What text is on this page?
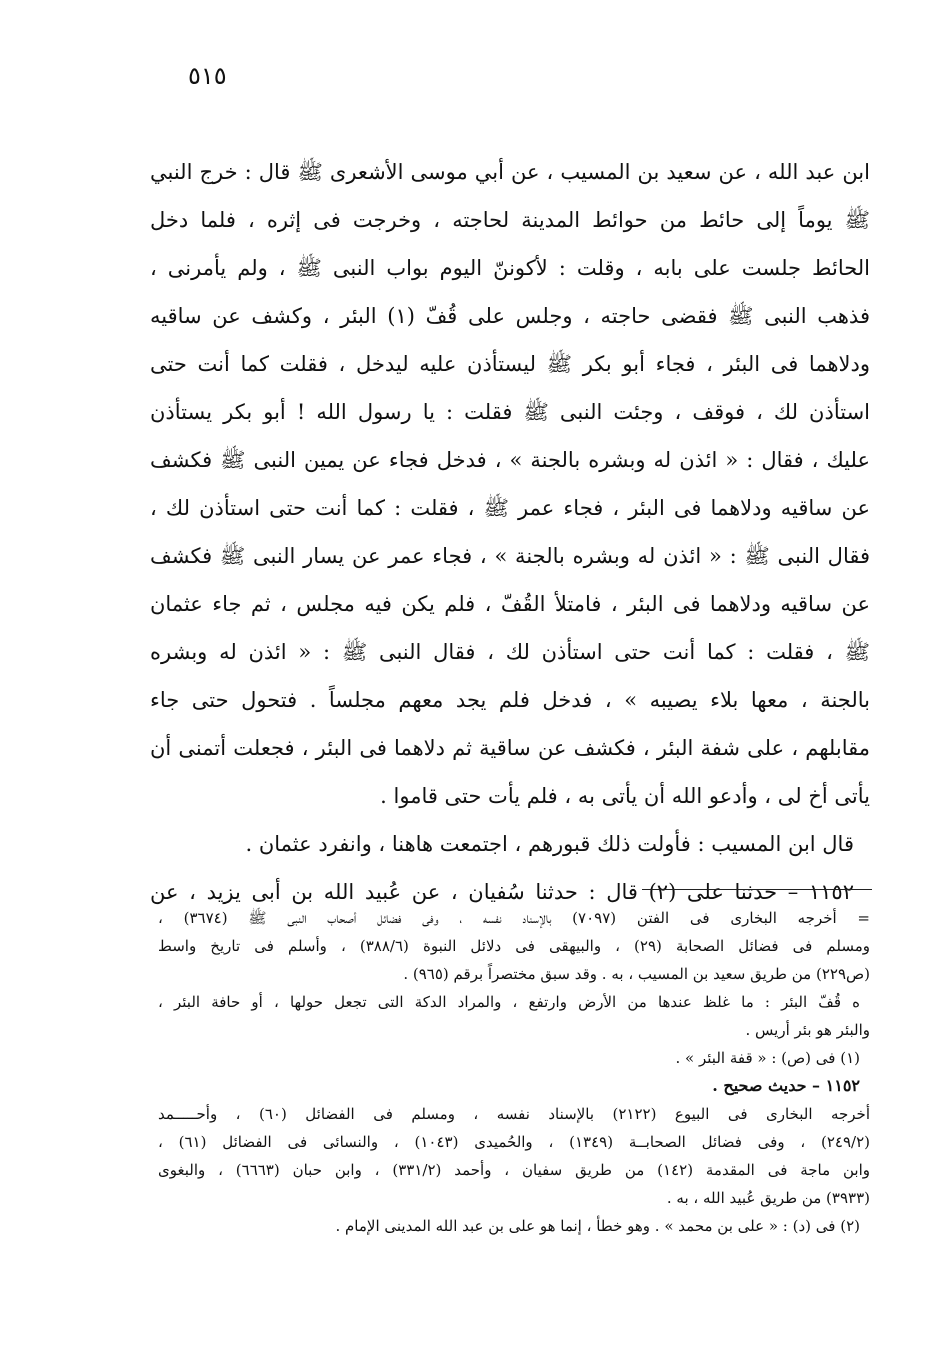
٥١٥
ابن عبد الله ، عن سعيد بن المسيب ، عن أبي موسى الأشعرى ﷺ قال : خرج النبي
ﷺ يوماً إلى حائط من حوائط المدينة لحاجته ، وخرجت فى إثره ، فلما دخل
الحائط جلست على بابه ، وقلت : لأكوننّ اليوم بواب النبى ﷺ ، ولم يأمرنى ،
فذهب النبى ﷺ فقضى حاجته ، وجلس على قُفّ (١) البئر ، وكشف عن ساقيه
ودلاهما فى البئر ، فجاء أبو بكر ﷺ ليستأذن عليه ليدخل ، فقلت كما أنت حتى
استأذن لك ، فوقف ، وجئت النبى ﷺ فقلت : يا رسول الله ! أبو بكر يستأذن
عليك ، فقال : « ائذن له وبشره بالجنة » ، فدخل فجاء عن يمين النبى ﷺ فكشف
عن ساقيه ودلاهما فى البئر ، فجاء عمر ﷺ ، فقلت : كما أنت حتى استأذن لك ،
فقال النبى ﷺ : « ائذن له وبشره بالجنة » ، فجاء عمر عن يسار النبى ﷺ فكشف
عن ساقيه ودلاهما فى البئر ، فامتلأ القُفّ ، فلم يكن فيه مجلس ، ثم جاء عثمان
ﷺ ، فقلت : كما أنت حتى استأذن لك ، فقال النبى ﷺ : « ائذن له وبشره
بالجنة ، معها بلاء يصيبه » ، فدخل فلم يجد معهم مجلساً . فتحول حتى جاء
مقابلهم ، على شفة البئر ، فكشف عن ساقية ثم دلاهما فى البئر ، فجعلت أتمنى أن
يأتى أخ لى ، وأدعو الله أن يأتى به ، فلم يأت حتى قاموا .
قال ابن المسيب : فأولت ذلك قبورهم ، اجتمعت هاهنا ، وانفرد عثمان .
١١٥٢ – حدثنا على (٢) قال : حدثنا سُفيان ، عن عُبيد الله بن أبى يزيد ، عن
= أخرجه البخارى فى الفتن (٧٠٩٧) بالإسناد نفسه ، وفى فضائل أصحاب النبى ﷺ (٣٦٧٤) ،
ومسلم فى فضائل الصحابة (٢٩) ، والبيهقى فى دلائل النبوة (٣٨٨/٦) ، وأسلم فى تاريخ واسط
(ص٢٢٩) من طريق سعيد بن المسيب ، به . وقد سبق مختصراً برقم (٩٦٥) .
ه قُفّ البئر : ما غلظ عندها من الأرض وارتفع ، والمراد الدكة التى تجعل حولها ، أو حافة البئر ،
والبئر هو بئر أريس .
(١) فى (ص) : « قفة البئر » .
١١٥٢ – حديث صحيح .
أخرجه البخارى فى البيوع (٢١٢٢) بالإسناد نفسه ، ومسلم فى الفضائل (٦٠) ، وأحـــــمد
(٢٤٩/٢) ، وفى فضائل الصحابــة (١٣٤٩) ، والحُميدى (١٠٤٣) ، والنسائى فى الفضائل (٦١) ،
وابن ماجة فى المقدمة (١٤٢) من طريق سفيان ، وأحمد (٣٣١/٢) ، وابن حبان (٦٦٦٣) ، والبغوى
(٣٩٣٣) من طريق عُبيد الله ، به .
(٢) فى (د) : « على بن محمد » . وهو خطأ ، إنما هو على بن عبد الله المدينى الإمام .
